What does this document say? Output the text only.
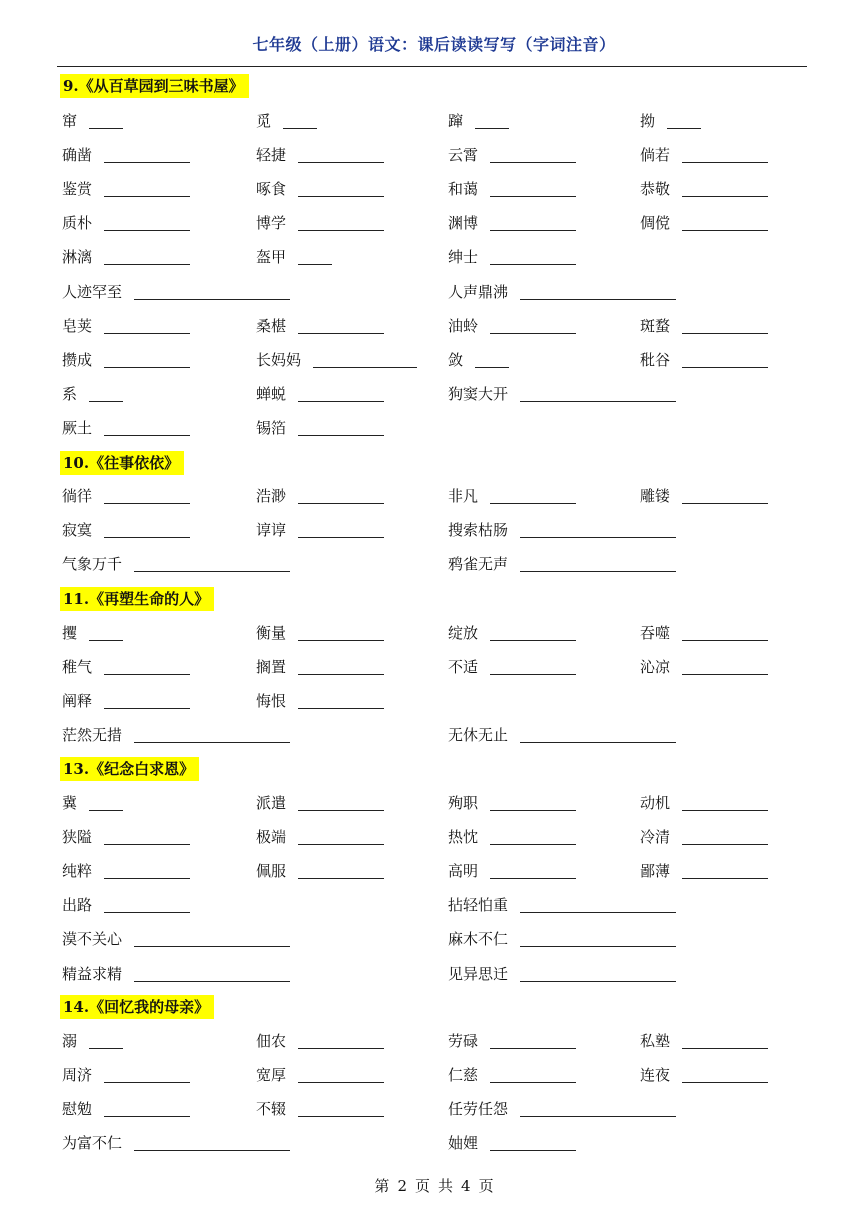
七年级（上册）语文：课后读读写写（字词注音）
9.《从百草园到三味书屋》
窜	觅	蹿	拗
确凿	轻捷	云霄	倘若
鉴赏	啄食	和蔼	恭敬
质朴	博学	渊博	倜傥
淋漓	盔甲	绅士
人迹罕至	人声鼎沸
皂荚	桑椹	油蛉	斑蝥
攒成	长妈妈	敛	秕谷
系	蝉蜕	狗窦大开
厥土	锡箔
10.《往事依依》
徜徉	浩渺	非凡	雕镂
寂寞	谆谆	搜索枯肠
气象万千	鸦雀无声
11.《再塑生命的人》
攫	衡量	绽放	吞噬
稚气	搁置	不适	沁凉
阐释	悔恨
茫然无措	无休无止
13.《纪念白求恩》
冀	派遣	殉职	动机
狭隘	极端	热忱	冷清
纯粹	佩服	高明	鄙薄
出路	拈轻怕重
漠不关心	麻木不仁
精益求精	见异思迁
14.《回忆我的母亲》
溺	佃农	劳碌	私塾
周济	宽厚	仁慈	连夜
慰勉	不辍	任劳任怨
为富不仁	妯娌
第 2 页 共 4 页
